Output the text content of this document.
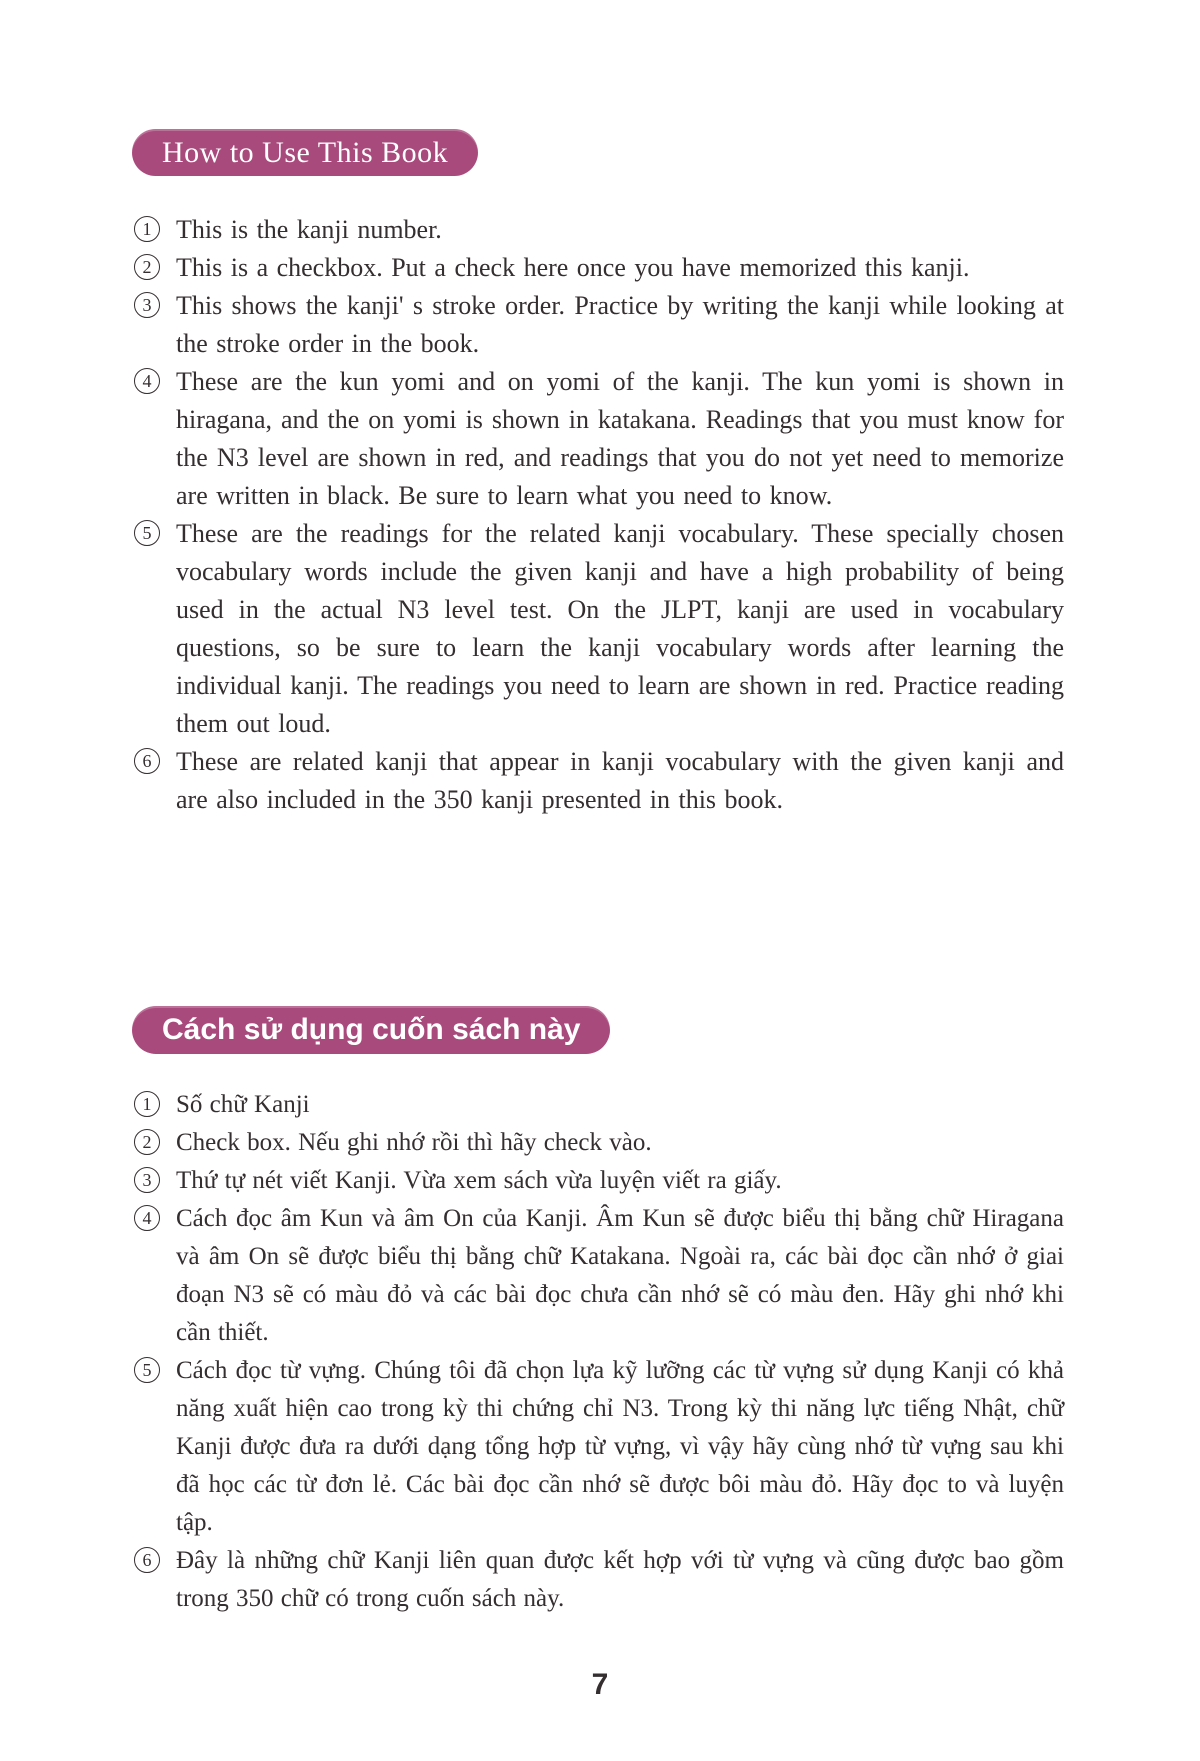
How to Use This Book
1 This is the kanji number.
2 This is a checkbox. Put a check here once you have memorized this kanji.
3 This shows the kanji' s stroke order. Practice by writing the kanji while looking at the stroke order in the book.
4 These are the kun yomi and on yomi of the kanji. The kun yomi is shown in hiragana, and the on yomi is shown in katakana. Readings that you must know for the N3 level are shown in red, and readings that you do not yet need to memorize are written in black. Be sure to learn what you need to know.
5 These are the readings for the related kanji vocabulary. These specially chosen vocabulary words include the given kanji and have a high probability of being used in the actual N3 level test. On the JLPT, kanji are used in vocabulary questions, so be sure to learn the kanji vocabulary words after learning the individual kanji. The readings you need to learn are shown in red. Practice reading them out loud.
6 These are related kanji that appear in kanji vocabulary with the given kanji and are also included in the 350 kanji presented in this book.
Cách sử dụng cuốn sách này
1 Số chữ Kanji
2 Check box. Nếu ghi nhớ rồi thì hãy check vào.
3 Thứ tự nét viết Kanji. Vừa xem sách vừa luyện viết ra giấy.
4 Cách đọc âm Kun và âm On của Kanji. Âm Kun sẽ được biểu thị bằng chữ Hiragana và âm On sẽ được biểu thị bằng chữ Katakana. Ngoài ra, các bài đọc cần nhớ ở giai đoạn N3 sẽ có màu đỏ và các bài đọc chưa cần nhớ sẽ có màu đen. Hãy ghi nhớ khi cần thiết.
5 Cách đọc từ vựng. Chúng tôi đã chọn lựa kỹ lưỡng các từ vựng sử dụng Kanji có khả năng xuất hiện cao trong kỳ thi chứng chỉ N3. Trong kỳ thi năng lực tiếng Nhật, chữ Kanji được đưa ra dưới dạng tổng hợp từ vựng, vì vậy hãy cùng nhớ từ vựng sau khi đã học các từ đơn lẻ. Các bài đọc cần nhớ sẽ được bôi màu đỏ. Hãy đọc to và luyện tập.
6 Đây là những chữ Kanji liên quan được kết hợp với từ vựng và cũng được bao gồm trong 350 chữ có trong cuốn sách này.
7
